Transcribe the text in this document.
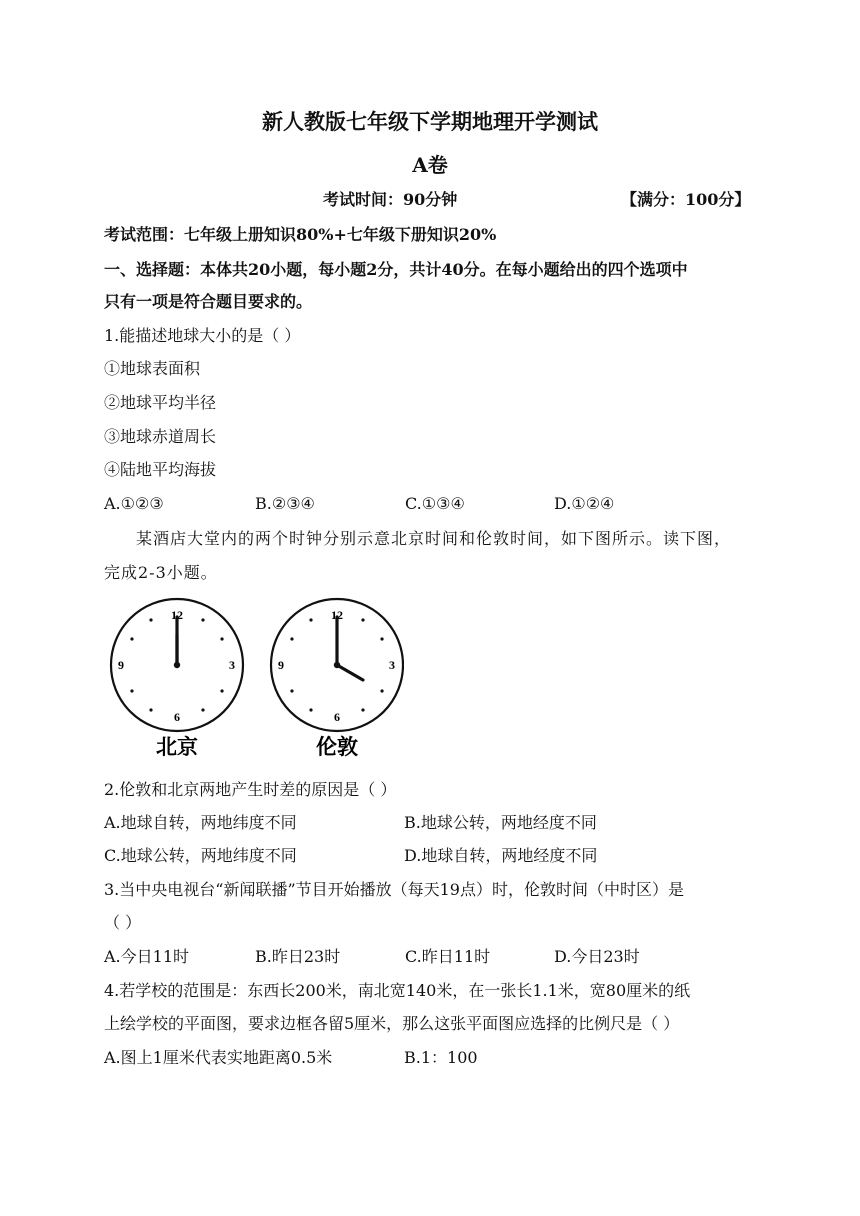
新人教版七年级下学期地理开学测试
A卷
考试时间：90分钟	【满分：100分】
考试范围：七年级上册知识80%+七年级下册知识20%
一、选择题：本体共20小题，每小题2分，共计40分。在每小题给出的四个选项中
只有一项是符合题目要求的。
1.能描述地球大小的是（ ）
①地球表面积
②地球平均半径
③地球赤道周长
④陆地平均海拔
A.①②③	B.②③④	C.①③④	D.①②④
某酒店大堂内的两个时钟分别示意北京时间和伦敦时间，如下图所示。读下图，
完成2-3小题。
12
3
6
9
12
3
6
9
北京	伦敦
2.伦敦和北京两地产生时差的原因是（ ）
A.地球自转，两地纬度不同	B.地球公转，两地经度不同
C.地球公转，两地纬度不同	D.地球自转，两地经度不同
3.当中央电视台“新闻联播”节目开始播放（每天19点）时，伦敦时间（中时区）是
（ ）
A.今日11时	B.昨日23时	C.昨日11时	D.今日23时
4.若学校的范围是：东西长200米，南北宽140米，在一张长1.1米，宽80厘米的纸
上绘学校的平面图，要求边框各留5厘米，那么这张平面图应选择的比例尺是（ ）
A.图上1厘米代表实地距离0.5米	B.1：100
